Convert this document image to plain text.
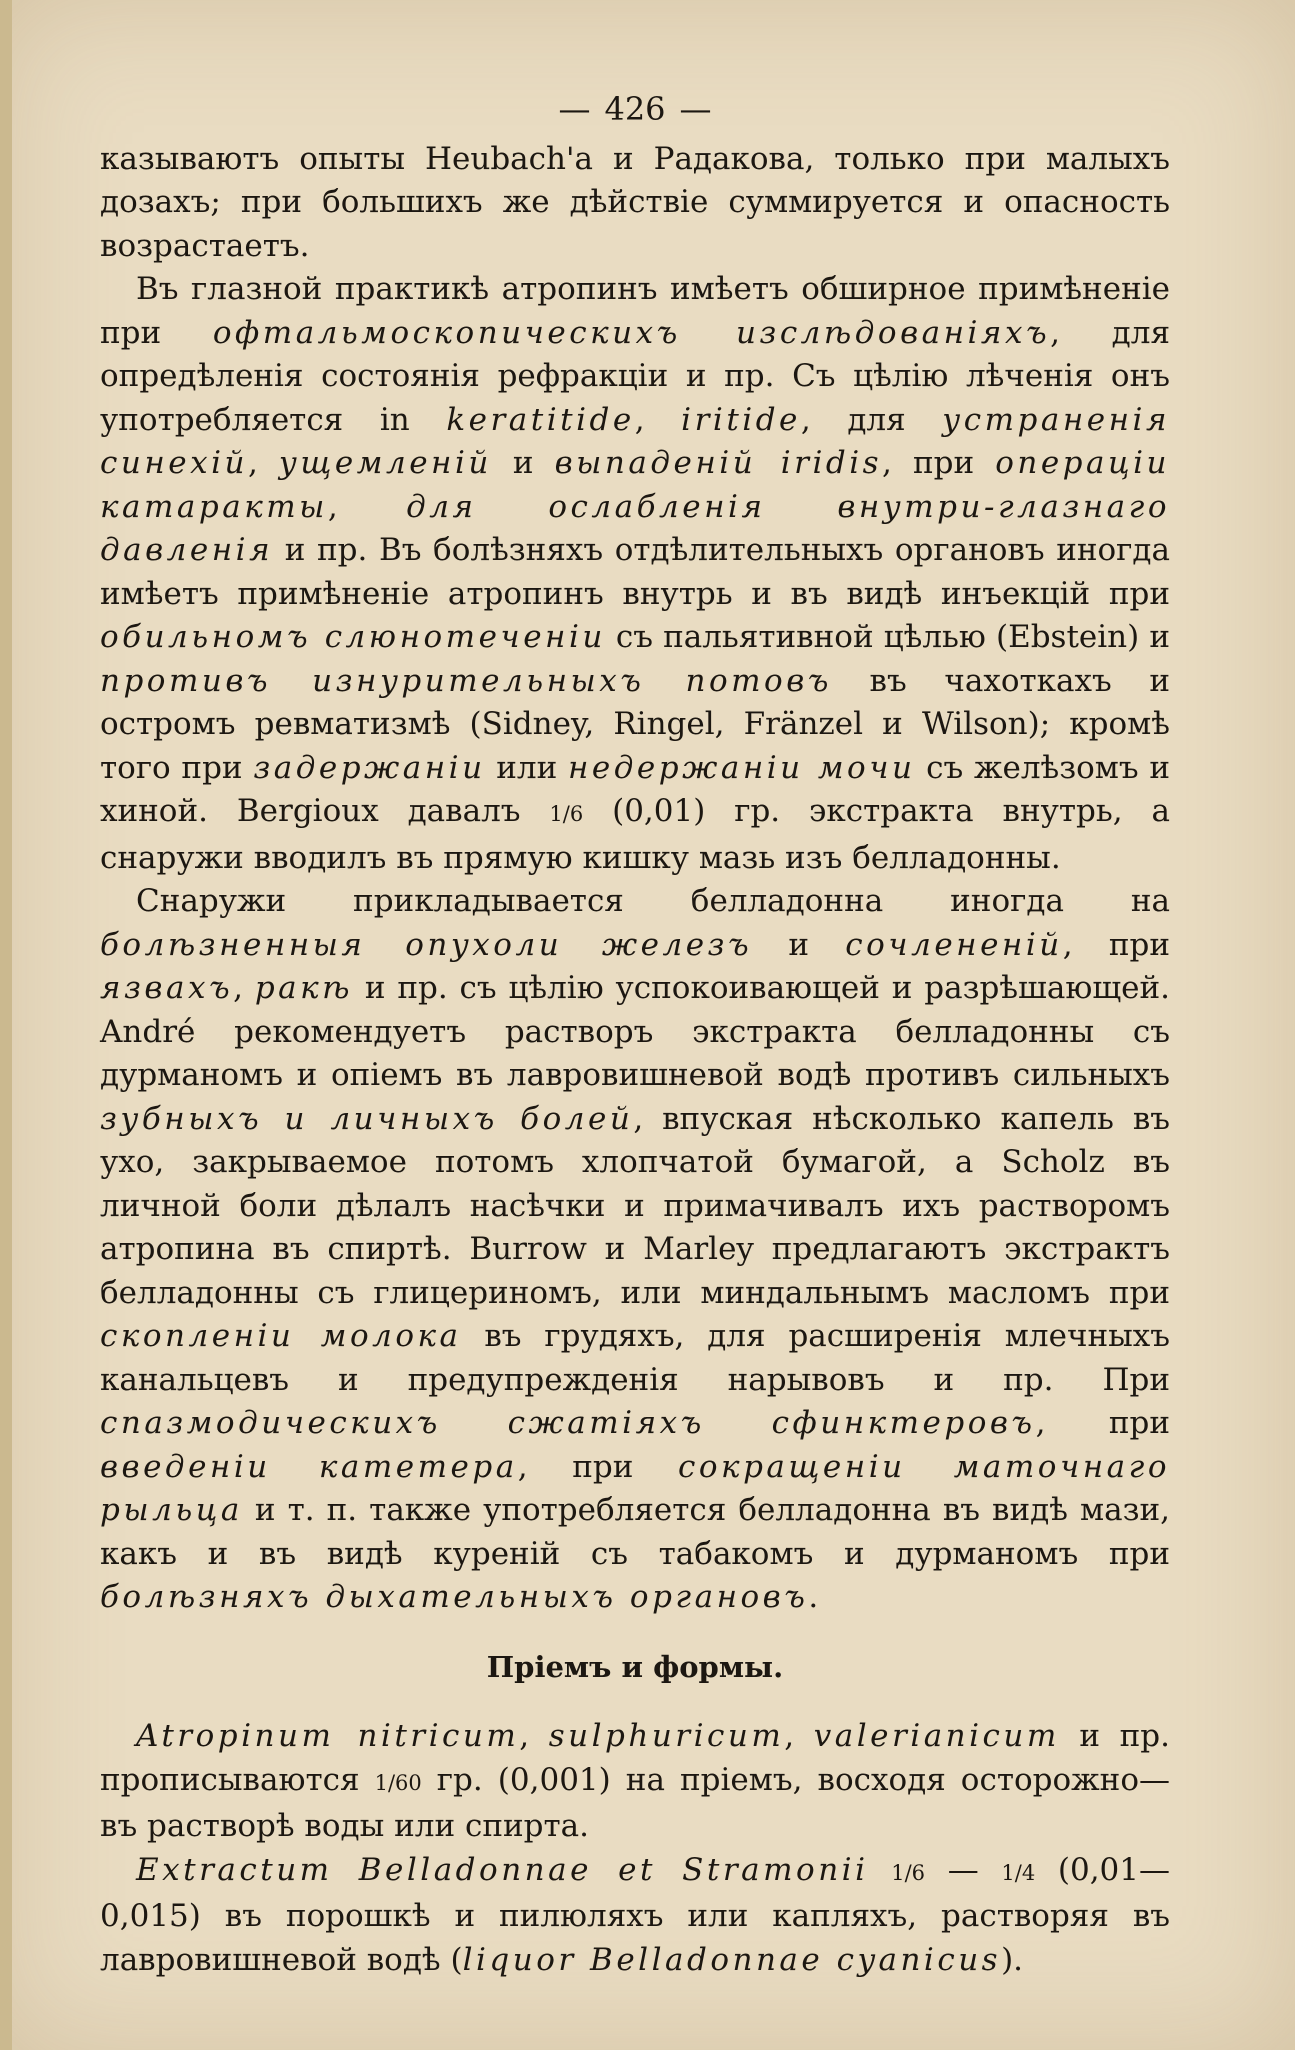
— 426 —

казываютъ опыты Heubach'а и Радакова, только при малыхъ дозахъ; при большихъ же дѣйствіе суммируется и опасность возрастаетъ.

Въ глазной практикѣ атропинъ имѣетъ обширное примѣненіе при офтальмоскопическихъ изслѣдованіяхъ, для опредѣленія состоянія рефракціи и пр. Съ цѣлію лѣченія онъ употребляется in keratitide, iritide, для устраненія синехій, ущемленій и выпаденій iridis, при операціи катаракты, для ослабленія внутри-глазнаго давленія и пр. Въ болѣзняхъ отдѣлительныхъ органовъ иногда имѣетъ примѣненіе атропинъ внутрь и въ видѣ инъекцій при обильномъ слюнотеченіи съ пальятивной цѣлью (Ebstein) и противъ изнурительныхъ потовъ въ чахоткахъ и остромъ ревматизмѣ (Sidney, Ringel, Fränzel и Wilson); кромѣ того при задержаніи или недержаніи мочи съ желѣзомъ и хиной. Bergioux давалъ 1/6 (0,01) гр. экстракта внутрь, а снаружи вводилъ въ прямую кишку мазь изъ белладонны.

Снаружи прикладывается белладонна иногда на болѣзненныя опухоли железъ и сочлененій, при язвахъ, ракѣ и пр. съ цѣлію успокоивающей и разрѣшающей. André рекомендуетъ растворъ экстракта белладонны съ дурманомъ и опіемъ въ лавровишневой водѣ противъ сильныхъ зубныхъ и личныхъ болей, впуская нѣсколько капель въ ухо, закрываемое потомъ хлопчатой бумагой, а Scholz въ личной боли дѣлалъ насѣчки и примачивалъ ихъ растворомъ атропина въ спиртѣ. Burrow и Marley предлагаютъ экстрактъ белладонны съ глицериномъ, или миндальнымъ масломъ при скопленіи молока въ грудяхъ, для расширенія млечныхъ канальцевъ и предупрежденія нарывовъ и пр. При спазмодическихъ сжатіяхъ сфинктеровъ, при введеніи катетера, при сокращеніи маточнаго рыльца и т. п. также употребляется белладонна въ видѣ мази, какъ и въ видѣ куреній съ табакомъ и дурманомъ при болѣзняхъ дыхательныхъ органовъ.

Пріемъ и формы.

Atropinum nitricum, sulphuricum, valerianicum и пр. прописываются 1/60 гр. (0,001) на пріемъ, восходя осторожно—въ растворѣ воды или спирта.

Extractum Belladonnae et Stramonii 1/6 — 1/4 (0,01—0,015) въ порошкѣ и пилюляхъ или капляхъ, растворяя въ лавровишневой водѣ (liquor Belladonnae cyanicus).
